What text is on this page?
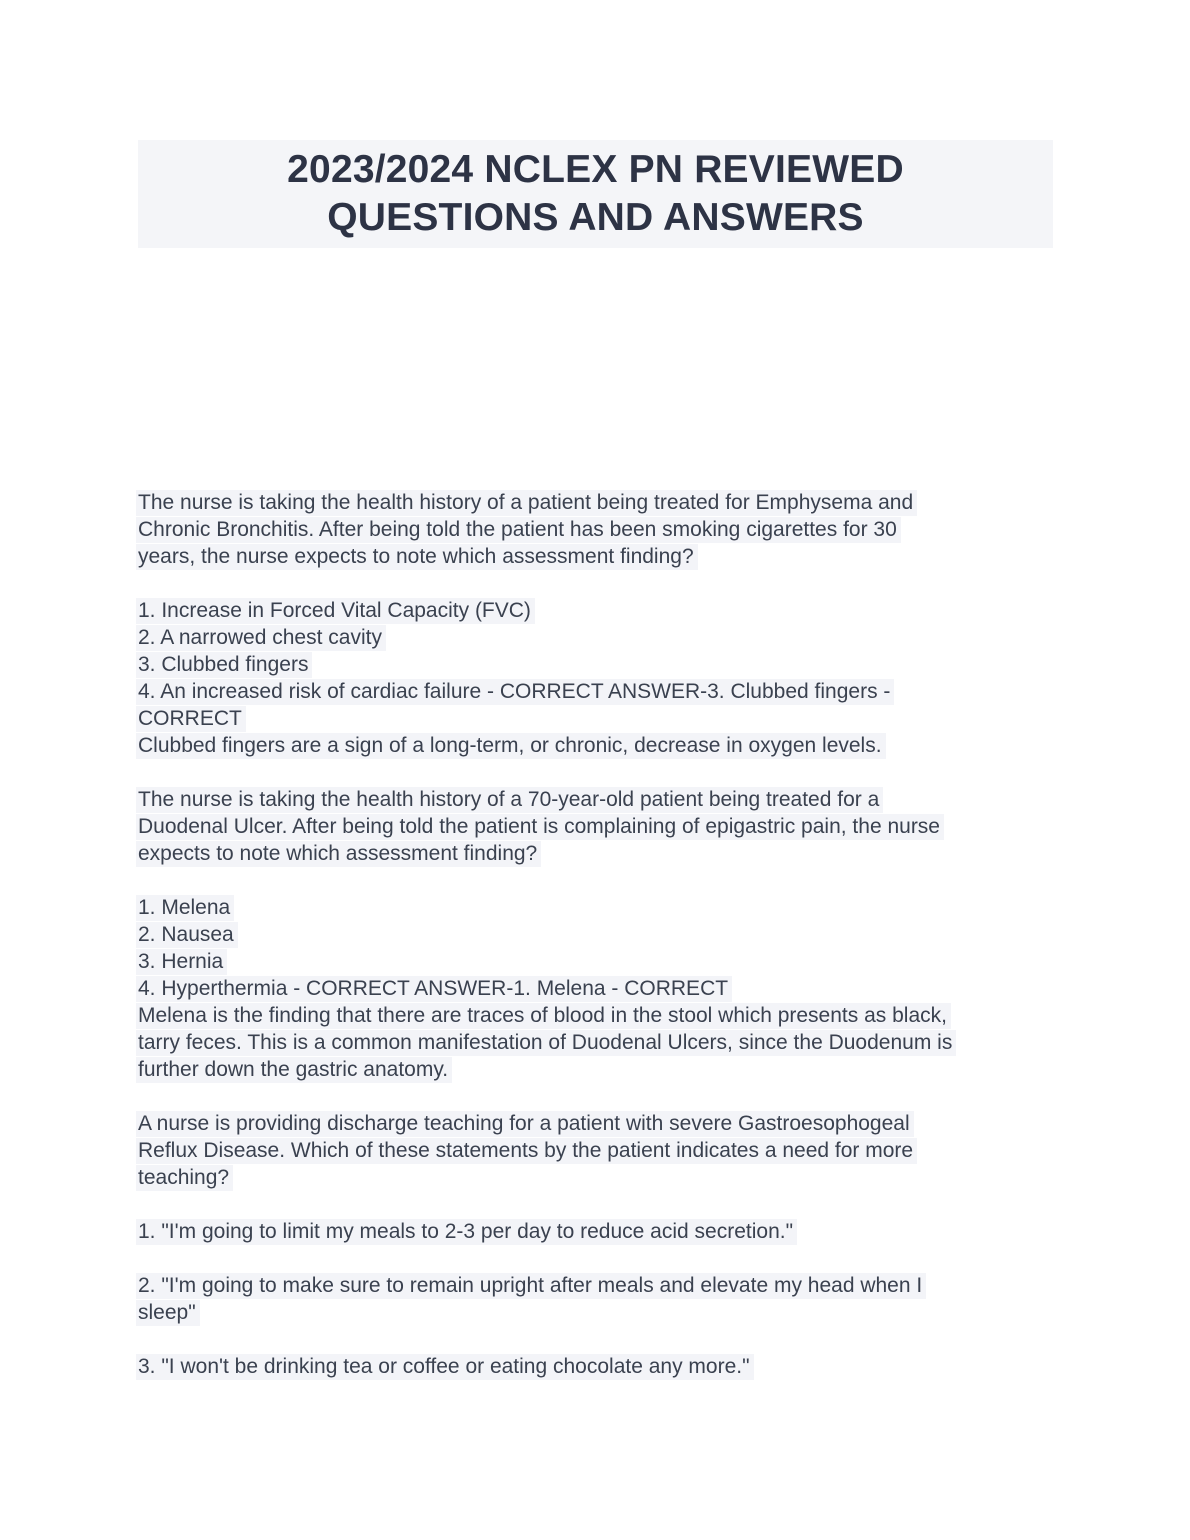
2023/2024 NCLEX PN REVIEWED
QUESTIONS AND ANSWERS
The nurse is taking the health history of a patient being treated for Emphysema and
Chronic Bronchitis. After being told the patient has been smoking cigarettes for 30
years, the nurse expects to note which assessment finding?
1. Increase in Forced Vital Capacity (FVC)
2. A narrowed chest cavity
3. Clubbed fingers
4. An increased risk of cardiac failure - CORRECT ANSWER-3. Clubbed fingers -
CORRECT
Clubbed fingers are a sign of a long-term, or chronic, decrease in oxygen levels.
The nurse is taking the health history of a 70-year-old patient being treated for a
Duodenal Ulcer. After being told the patient is complaining of epigastric pain, the nurse
expects to note which assessment finding?
1. Melena
2. Nausea
3. Hernia
4. Hyperthermia - CORRECT ANSWER-1. Melena - CORRECT
Melena is the finding that there are traces of blood in the stool which presents as black,
tarry feces. This is a common manifestation of Duodenal Ulcers, since the Duodenum is
further down the gastric anatomy.
A nurse is providing discharge teaching for a patient with severe Gastroesophogeal
Reflux Disease. Which of these statements by the patient indicates a need for more
teaching?
1. "I'm going to limit my meals to 2-3 per day to reduce acid secretion."
2. "I'm going to make sure to remain upright after meals and elevate my head when I
sleep"
3. "I won't be drinking tea or coffee or eating chocolate any more."
